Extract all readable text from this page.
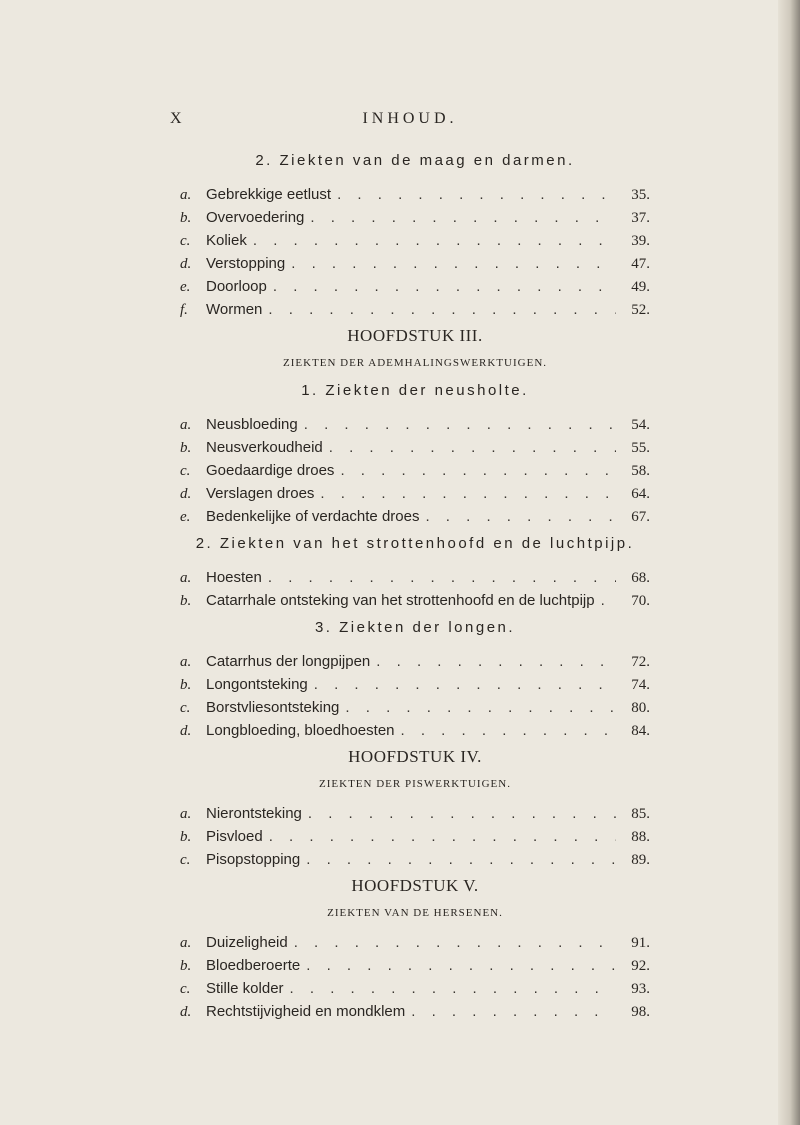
X	INHOUD.
2. Ziekten van de maag en darmen.
a. Gebrekkige eetlust . . .	35.
b. Overvoedering . . .	37.
c.	Koliek . . .	39.
d. Verstopping . . .	47.
e.	Doorloop . . .	49.
f.	Wormen . . .	52.
HOOFDSTUK III.
ZIEKTEN DER ADEMHALINGSWERKTUIGEN.
1. Ziekten der neusholte.
a. Neusbloeding . . .	54.
b. Neusverkoudheid . . .	55.
c.	Goedaardige droes . . .	58.
d. Verslagen droes . . .	64.
e.	Bedenkelijke of verdachte droes . . .	67.
2. Ziekten van het strottenhoofd en de luchtpijp.
a. Hoesten . . .	68.
b. Catarrhale ontsteking van het strottenhoofd en de luchtpijp . . .	70.
3. Ziekten der longen.
a. Catarrhus der longpijpen . . .	72.
b. Longontsteking . . .	74.
c.	Borstvliesontsteking . . .	80.
d. Longbloeding, bloedhoesten . . .	84.
HOOFDSTUK IV.
ZIEKTEN DER PISWERKTUIGEN.
a. Nierontsteking . . .	85.
b. Pisvloed . . .	88.
c.	Pisopstopping . . .	89.
HOOFDSTUK V.
ZIEKTEN VAN DE HERSENEN.
a. Duizeligheid . . .	91.
b. Bloedberoerte . . .	92.
c.	Stille kolder . . .	93.
d. Rechtstijvigheid en mondklem . . .	98.
